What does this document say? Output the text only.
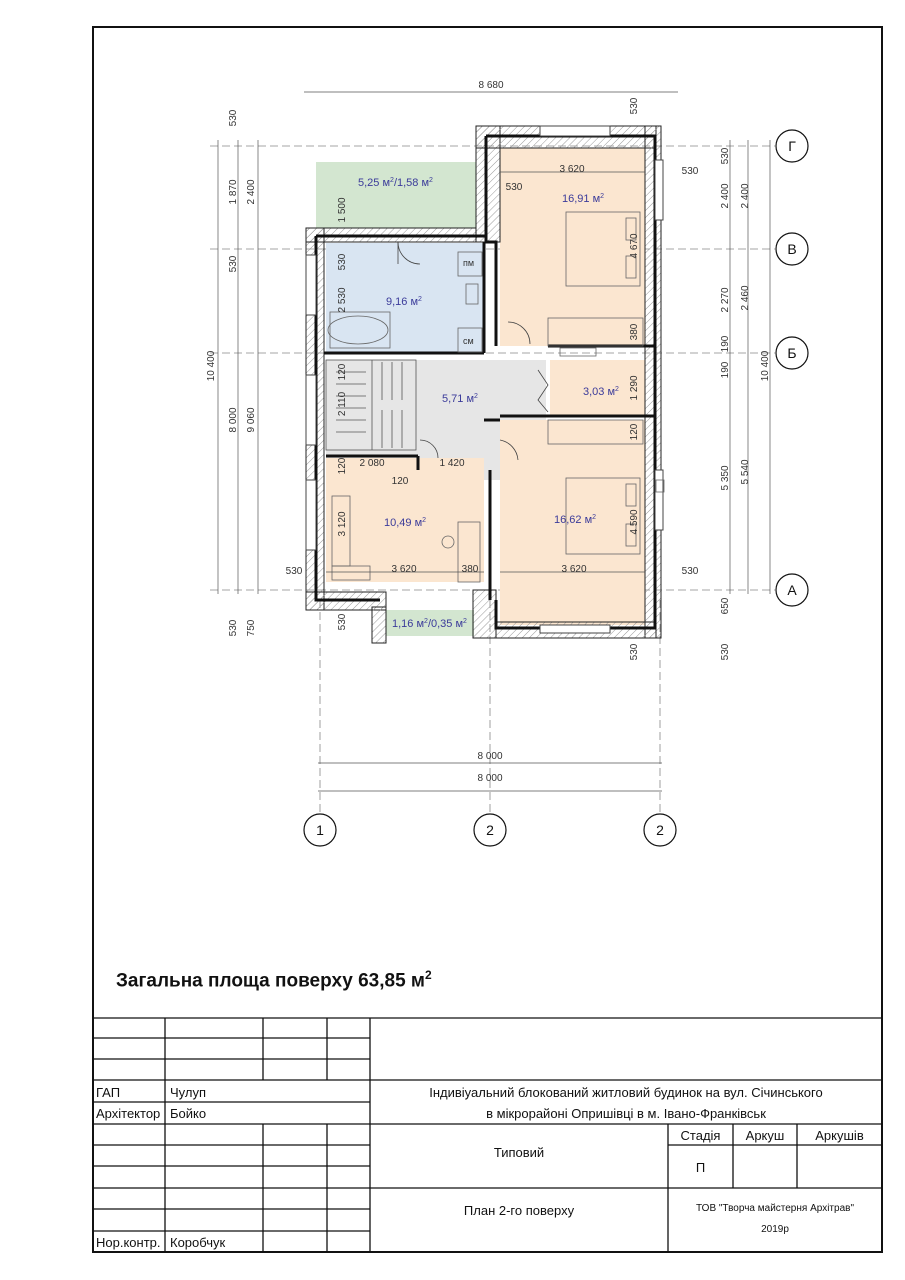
Г
В
Б
А
1	2	2
8 680
8 000
8 000
5,25 $м^2/1,58$ $м^2$
16,91 $м^2$
9,16 $м^2$
5,71 $м^2$	3,03 $м^2$
10,49 $м^2$	16,62 $м^2$
1,16 $м^2/0,35$ $м^2$
пм
см
3 620	530
530
2 080	1 420
120
3 620	380	3 620
530	530
530
1 870 2 400
530
10 400
8 000 9 060
530 750
1 500
530
2 530
120
2 110
120
3 120
530
530
4 670
380
1 290
120
4 590
530
530
2 400 2 400
2 270 2 460
190
190	10 400
5 350 5 540
650
530
Загальна площа поверху 63,85 $м^2$
ГАП	Чулуп
Архітектор Бойко
Нор.контр. Коробчук
Індивіуальний блокований житловий будинок на вул. Січинського
в мікрорайоні Опришівці в м. Івано-Франківськ
Типовий
Стадія	Аркуш	Аркушів
П
План 2-го поверху	ТОВ "Творча майстерня Архітрав"
2019р
